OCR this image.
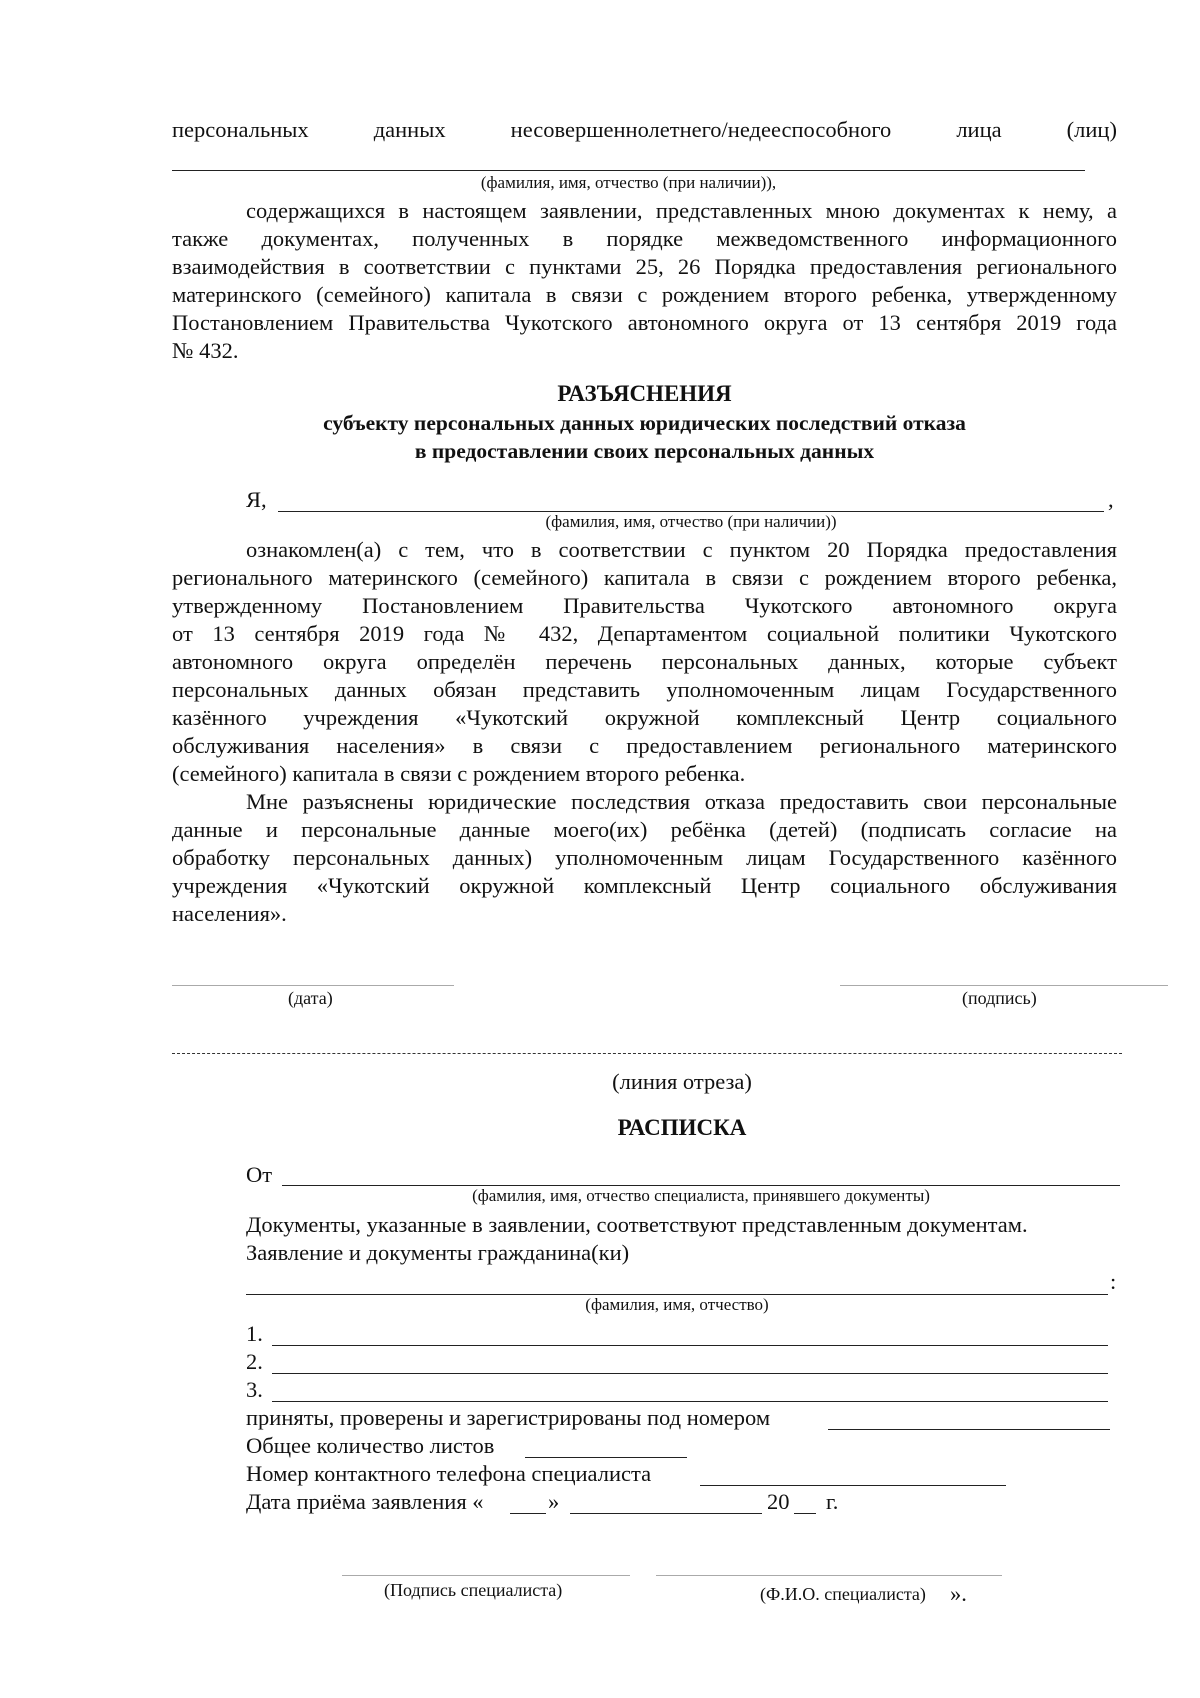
персональных	данных	несовершеннолетнего/недееспособного	лица	(лиц)
(фамилия, имя, отчество (при наличии)),
содержащихся в настоящем заявлении, представленных мною документах к нему, а
также документах, полученных в порядке межведомственного информационного
взаимодействия в соответствии с пунктами 25, 26 Порядка предоставления регионального
материнского (семейного) капитала в связи с рождением второго ребенка, утвержденному
Постановлением Правительства Чукотского автономного округа от 13 сентября 2019 года
№ 432.
РАЗЪЯСНЕНИЯ
субъекту персональных данных юридических последствий отказа
в предоставлении своих персональных данных
Я,	,
(фамилия, имя, отчество (при наличии))
ознакомлен(а) с тем, что в соответствии с пунктом 20 Порядка предоставления
регионального материнского (семейного) капитала в связи с рождением второго ребенка,
утвержденному Постановлением Правительства Чукотского автономного округа
от 13 сентября 2019 года № 432, Департаментом социальной политики Чукотского
автономного округа определён перечень персональных данных, которые субъект
персональных данных обязан представить уполномоченным лицам Государственного
казённого учреждения «Чукотский окружной комплексный Центр социального
обслуживания населения» в связи с предоставлением регионального материнского
(семейного) капитала в связи с рождением второго ребенка.
Мне разъяснены юридические последствия отказа предоставить свои персональные
данные и персональные данные моего(их) ребёнка (детей) (подписать согласие на
обработку персональных данных) уполномоченным лицам Государственного казённого
учреждения «Чукотский окружной комплексный Центр социального обслуживания
населения».
(дата)	(подпись)
(линия отреза)
РАСПИСКА
От
(фамилия, имя, отчество специалиста, принявшего документы)
Документы, указанные в заявлении, соответствуют представленным документам.
Заявление и документы гражданина(ки)
:
(фамилия, имя, отчество)
1.
2.
3.
приняты, проверены и зарегистрированы под номером
Общее количество листов
Номер контактного телефона специалиста
Дата приёма заявления «	»	20 г.
(Подпись специалиста)	(Ф.И.О. специалиста) ».
